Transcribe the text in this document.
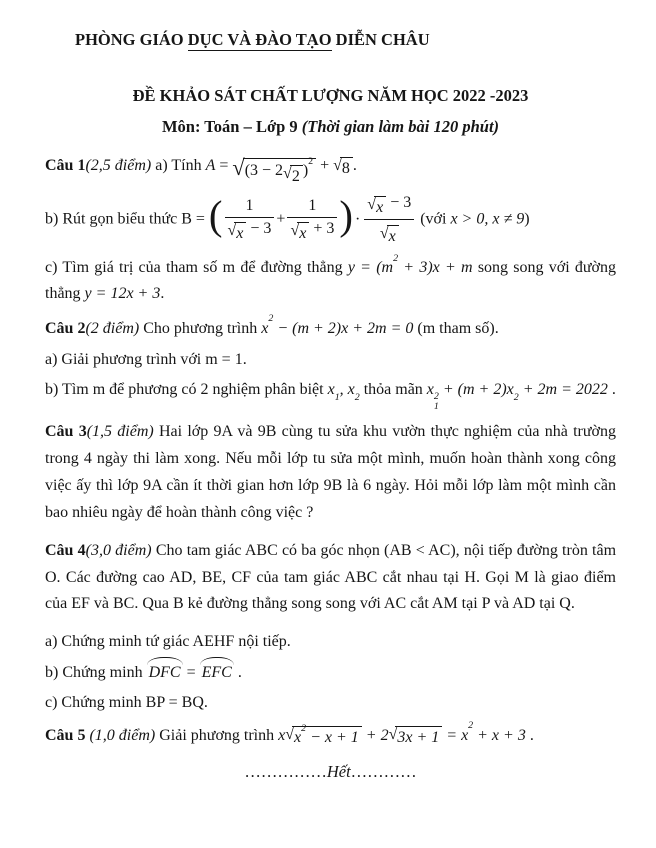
PHÒNG GIÁO DỤC VÀ ĐÀO TẠO DIỄN CHÂU
ĐỀ KHẢO SÁT CHẤT LƯỢNG NĂM HỌC 2022 -2023
Môn: Toán – Lớp 9 (Thời gian làm bài 120 phút)

Câu 1(2,5 điểm) a) Tính A = √(3 − 2√2 )$^2$ + √8 .

b) Rút gọn biểu thức B = ( $\frac{1}{√x - 3} + \frac{1}{√x + 3}$ ) · $\frac{√x - 3}{√x}$ (với x > 0, x ≠ 9)

c) Tìm giá trị của tham số m để đường thẳng $y = (m^2 + 3)x + m$ song song với đường thẳng y = 12x + 3.

Câu 2(2 điểm) Cho phương trình $x^2 - (m + 2)x + 2m = 0$ (m tham số).

a) Giải phương trình với m = 1.

b) Tìm m để phương có 2 nghiệm phân biệt $x_1$, $x_2$ thỏa mãn x 2
1
+ $(m + 2)x_2 + 2m = 2022$ .

Câu 3(1,5 điểm) Hai lớp 9A và 9B cùng tu sửa khu vườn thực nghiệm của nhà trường trong 4 ngày thi làm xong. Nếu mỗi lớp tu sửa một mình, muốn hoàn thành xong công việc ấy thì lớp 9A cần ít thời gian hơn lớp 9B là 6 ngày. Hỏi mỗi lớp làm một mình cần bao nhiêu ngày để hoàn thành công việc ?

Câu 4(3,0 điểm) Cho tam giác ABC có ba góc nhọn (AB < AC), nội tiếp đường tròn tâm O. Các đường cao AD, BE, CF của tam giác ABC cắt nhau tại H. Gọi M là giao điểm của EF và BC. Qua B kẻ đường thẳng song song với AC cắt AM tại P và AD tại Q.

a) Chứng minh tứ giác AEHF nội tiếp.

b) Chứng minh DFC = EFC .

c) Chứng minh BP = BQ.

Câu 5 (1,0 điểm) Giải phương trình $x√x^2 - x + 1 + 2√3x + 1 = x^2 + x + 3$ .

……………Hết…………
